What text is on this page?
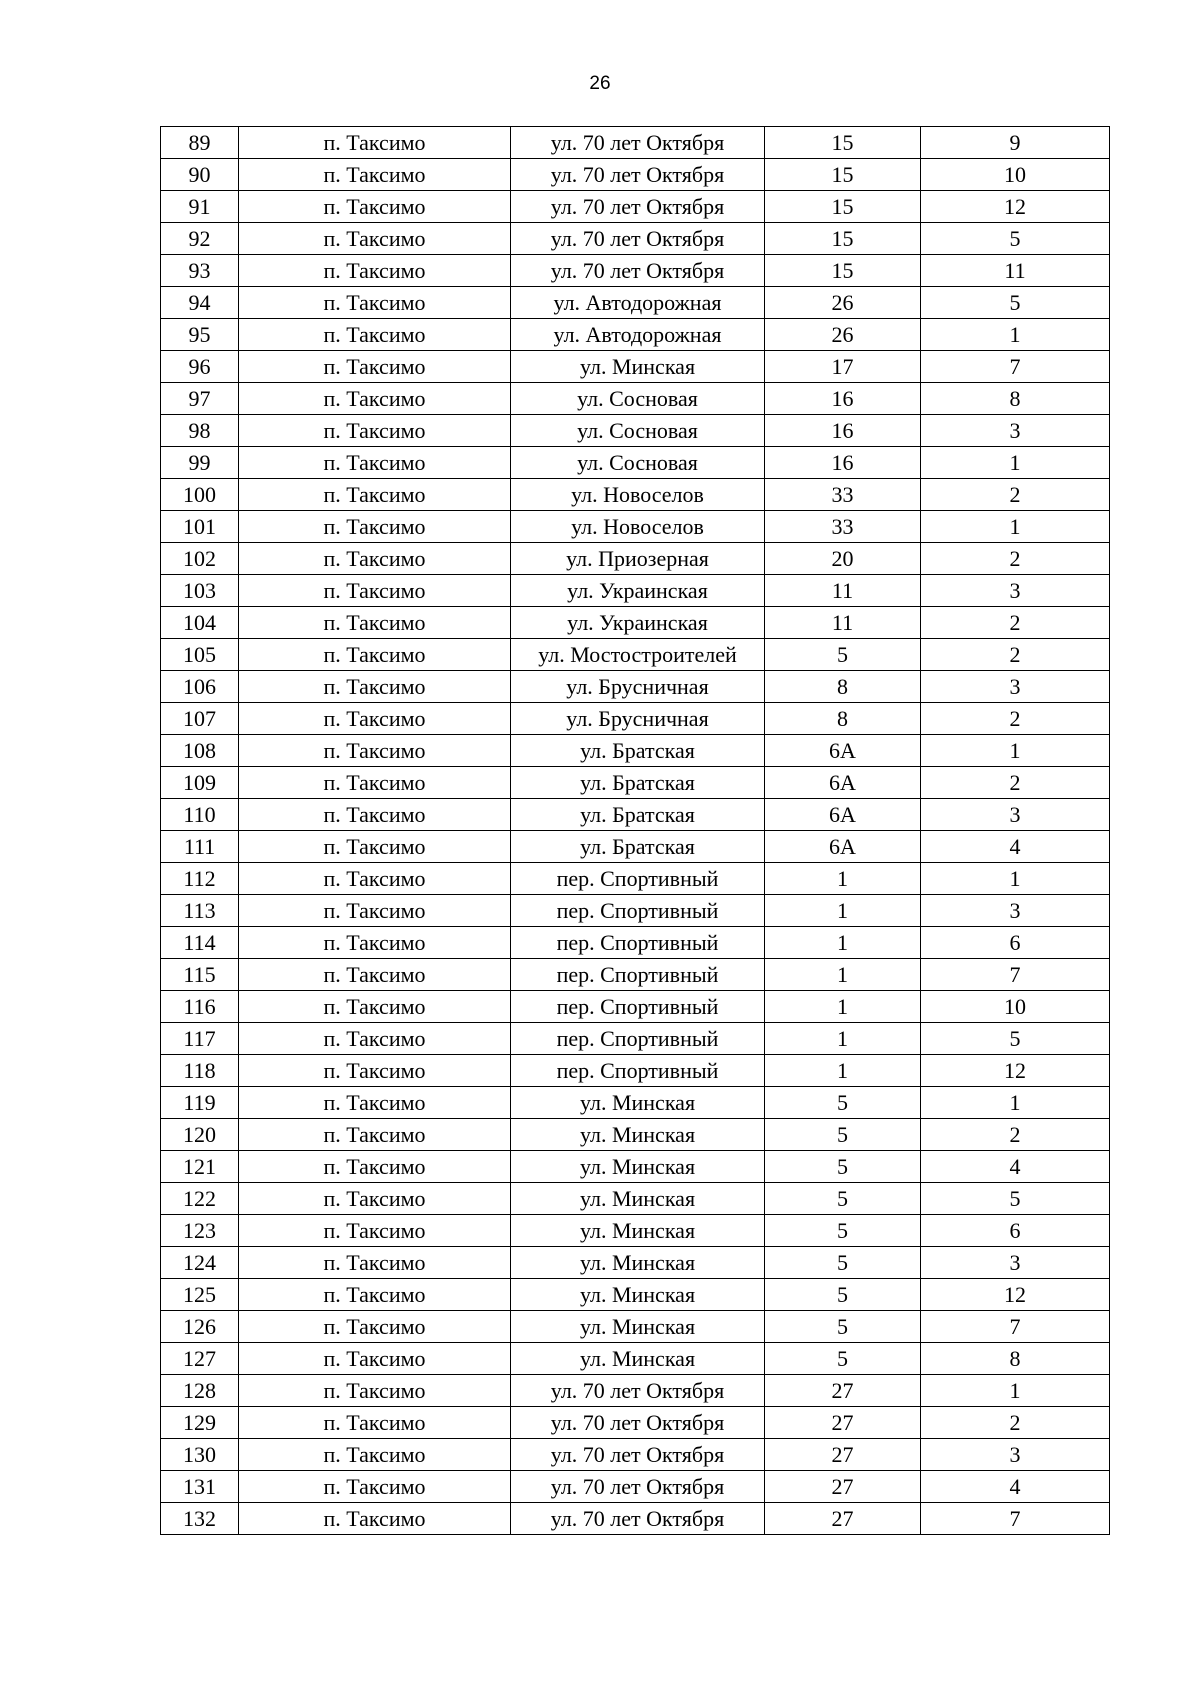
26
89	п. Таксимо	ул. 70 лет Октября	15	9
90	п. Таксимо	ул. 70 лет Октября	15	10
91	п. Таксимо	ул. 70 лет Октября	15	12
92	п. Таксимо	ул. 70 лет Октября	15	5
93	п. Таксимо	ул. 70 лет Октября	15	11
94	п. Таксимо	ул. Автодорожная	26	5
95	п. Таксимо	ул. Автодорожная	26	1
96	п. Таксимо	ул. Минская	17	7
97	п. Таксимо	ул. Сосновая	16	8
98	п. Таксимо	ул. Сосновая	16	3
99	п. Таксимо	ул. Сосновая	16	1
100	п. Таксимо	ул. Новоселов	33	2
101	п. Таксимо	ул. Новоселов	33	1
102	п. Таксимо	ул. Приозерная	20	2
103	п. Таксимо	ул. Украинская	11	3
104	п. Таксимо	ул. Украинская	11	2
105	п. Таксимо	ул. Мостостроителей	5	2
106	п. Таксимо	ул. Брусничная	8	3
107	п. Таксимо	ул. Брусничная	8	2
108	п. Таксимо	ул. Братская	6А	1
109	п. Таксимо	ул. Братская	6А	2
110	п. Таксимо	ул. Братская	6А	3
111	п. Таксимо	ул. Братская	6А	4
112	п. Таксимо	пер. Спортивный	1	1
113	п. Таксимо	пер. Спортивный	1	3
114	п. Таксимо	пер. Спортивный	1	6
115	п. Таксимо	пер. Спортивный	1	7
116	п. Таксимо	пер. Спортивный	1	10
117	п. Таксимо	пер. Спортивный	1	5
118	п. Таксимо	пер. Спортивный	1	12
119	п. Таксимо	ул. Минская	5	1
120	п. Таксимо	ул. Минская	5	2
121	п. Таксимо	ул. Минская	5	4
122	п. Таксимо	ул. Минская	5	5
123	п. Таксимо	ул. Минская	5	6
124	п. Таксимо	ул. Минская	5	3
125	п. Таксимо	ул. Минская	5	12
126	п. Таксимо	ул. Минская	5	7
127	п. Таксимо	ул. Минская	5	8
128	п. Таксимо	ул. 70 лет Октября	27	1
129	п. Таксимо	ул. 70 лет Октября	27	2
130	п. Таксимо	ул. 70 лет Октября	27	3
131	п. Таксимо	ул. 70 лет Октября	27	4
132	п. Таксимо	ул. 70 лет Октября	27	7
